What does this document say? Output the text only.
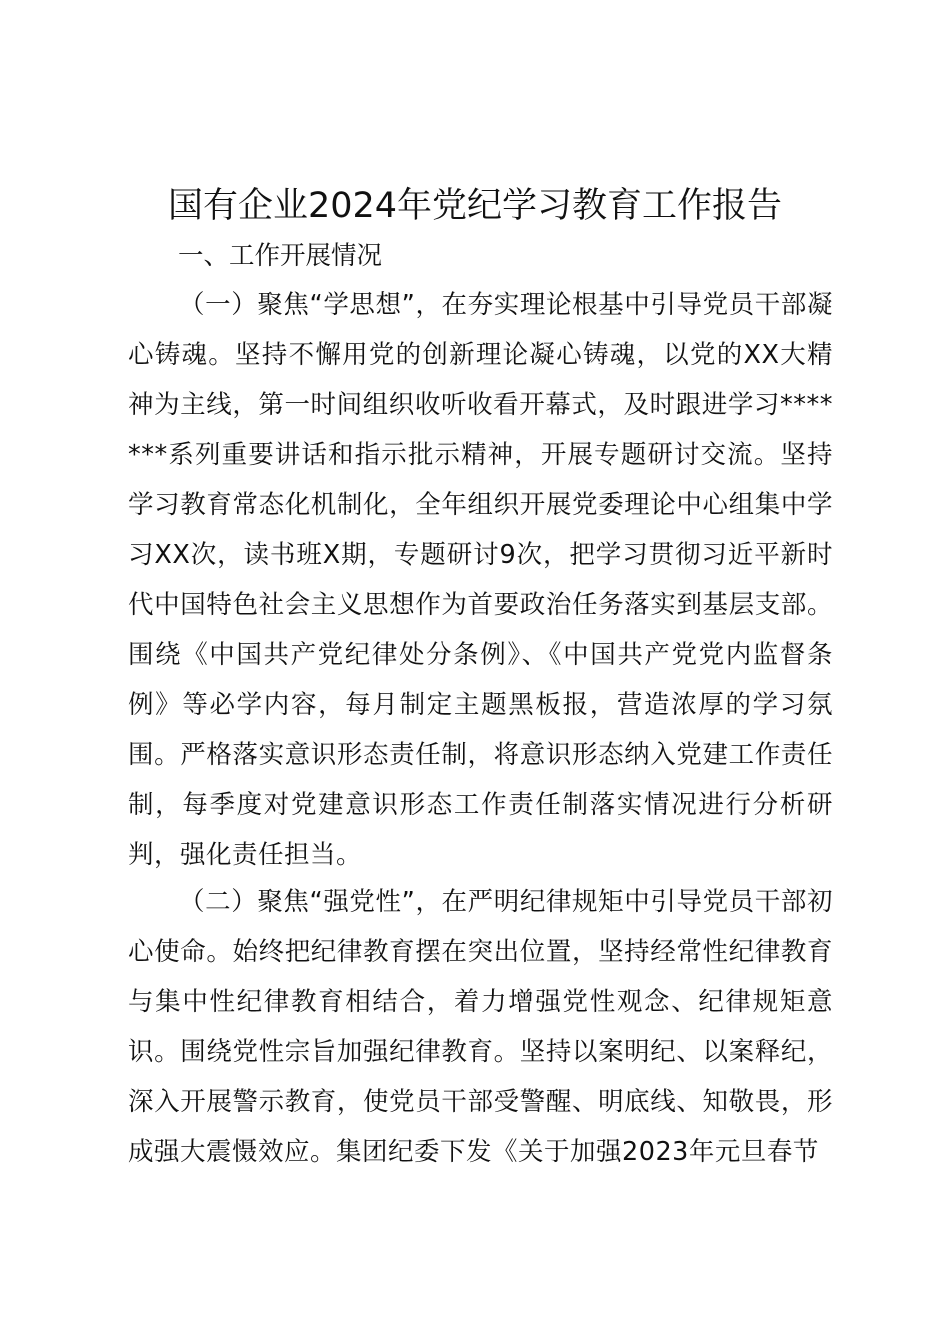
国有企业2024年党纪学习教育工作报告
一、工作开展情况

（一）聚焦“学思想”，在夯实理论根基中引导党员干部凝心铸魂。坚持不懈用党的创新理论凝心铸魂，以党的XX大精神为主线，第一时间组织收听收看开幕式，及时跟进学习*******系列重要讲话和指示批示精神，开展专题研讨交流。坚持学习教育常态化机制化，全年组织开展党委理论中心组集中学习XX次，读书班X期，专题研讨9次，把学习贯彻习近平新时代中国特色社会主义思想作为首要政治任务落实到基层支部。围绕《中国共产党纪律处分条例》、《中国共产党党内监督条例》等必学内容，每月制定主题黑板报，营造浓厚的学习氛围。严格落实意识形态责任制，将意识形态纳入党建工作责任制，每季度对党建意识形态工作责任制落实情况进行分析研判，强化责任担当。

（二）聚焦“强党性”，在严明纪律规矩中引导党员干部初心使命。始终把纪律教育摆在突出位置，坚持经常性纪律教育与集中性纪律教育相结合，着力增强党性观念、纪律规矩意识。围绕党性宗旨加强纪律教育。坚持以案明纪、以案释纪，深入开展警示教育，使党员干部受警醒、明底线、知敬畏，形成强大震慑效应。集团纪委下发《关于加强2023年元旦春节
